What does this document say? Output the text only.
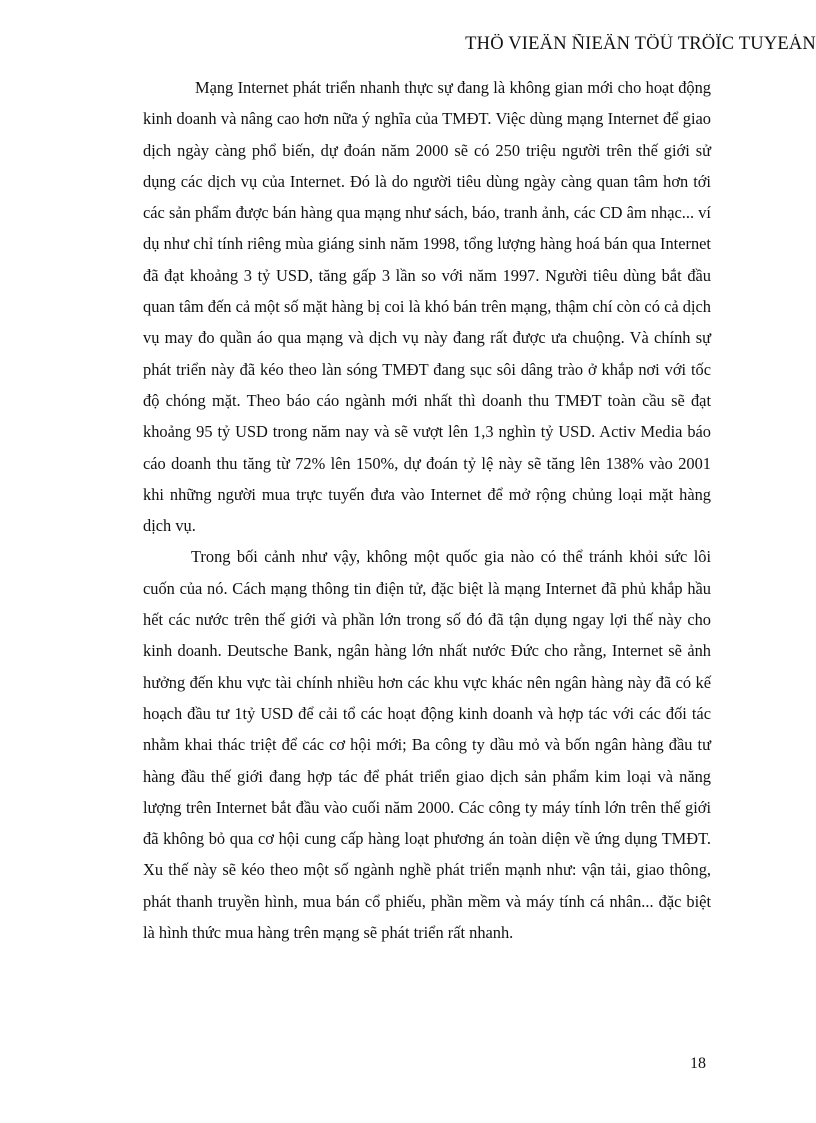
THÖ VIEÄN ÑIEÄN TÖÛ TRÖÏC TUYEÁN

Mạng Internet phát triển nhanh thực sự đang là không gian mới cho hoạt động kinh doanh và nâng cao hơn nữa ý nghĩa của TMĐT. Việc dùng mạng Internet để giao dịch ngày càng phổ biến, dự đoán năm 2000 sẽ có 250 triệu người trên thế giới sử dụng các dịch vụ của Internet. Đó là do người tiêu dùng ngày càng quan tâm hơn tới các sản phẩm được bán hàng qua mạng như sách, báo, tranh ảnh, các CD âm nhạc... ví dụ như chỉ tính riêng mùa giáng sinh năm 1998, tổng lượng hàng hoá bán qua Internet đã đạt khoảng 3 tỷ USD, tăng gấp 3 lần so với năm 1997. Người tiêu dùng bắt đầu quan tâm đến cả một số mặt hàng bị coi là khó bán trên mạng, thậm chí còn có cả dịch vụ may đo quần áo qua mạng và dịch vụ này đang rất được ưa chuộng. Và chính sự phát triển này đã kéo theo làn sóng TMĐT đang sục sôi dâng trào ở khắp nơi với tốc độ chóng mặt. Theo báo cáo ngành mới nhất thì doanh thu TMĐT toàn cầu sẽ đạt khoảng 95 tỷ USD trong năm nay và sẽ vượt lên 1,3 nghìn tỷ USD. Activ Media báo cáo doanh thu tăng từ 72% lên 150%, dự đoán tỷ lệ này sẽ tăng lên 138% vào 2001 khi những người mua trực tuyến đưa vào Internet để mở rộng chủng loại mặt hàng dịch vụ.

Trong bối cảnh như vậy, không một quốc gia nào có thể tránh khỏi sức lôi cuốn của nó. Cách mạng thông tin điện tử, đặc biệt là mạng Internet đã phủ khắp hầu hết các nước trên thế giới và phần lớn trong số đó đã tận dụng ngay lợi thế này cho kinh doanh. Deutsche Bank, ngân hàng lớn nhất nước Đức cho rằng, Internet sẽ ảnh hưởng đến khu vực tài chính nhiều hơn các khu vực khác nên ngân hàng này đã có kế hoạch đầu tư 1tỷ USD để cải tổ các hoạt động kinh doanh và hợp tác với các đối tác nhằm khai thác triệt để các cơ hội mới; Ba công ty dầu mỏ và bốn ngân hàng đầu tư hàng đầu thế giới đang hợp tác để phát triển giao dịch sản phẩm kim loại và năng lượng trên Internet bắt đầu vào cuối năm 2000. Các công ty máy tính lớn trên thế giới đã không bỏ qua cơ hội cung cấp hàng loạt phương án toàn diện về ứng dụng TMĐT. Xu thế này sẽ kéo theo một số ngành nghề phát triển mạnh như: vận tải, giao thông, phát thanh truyền hình, mua bán cổ phiếu, phần mềm và máy tính cá nhân... đặc biệt là hình thức mua hàng trên mạng sẽ phát triển rất nhanh.

18
